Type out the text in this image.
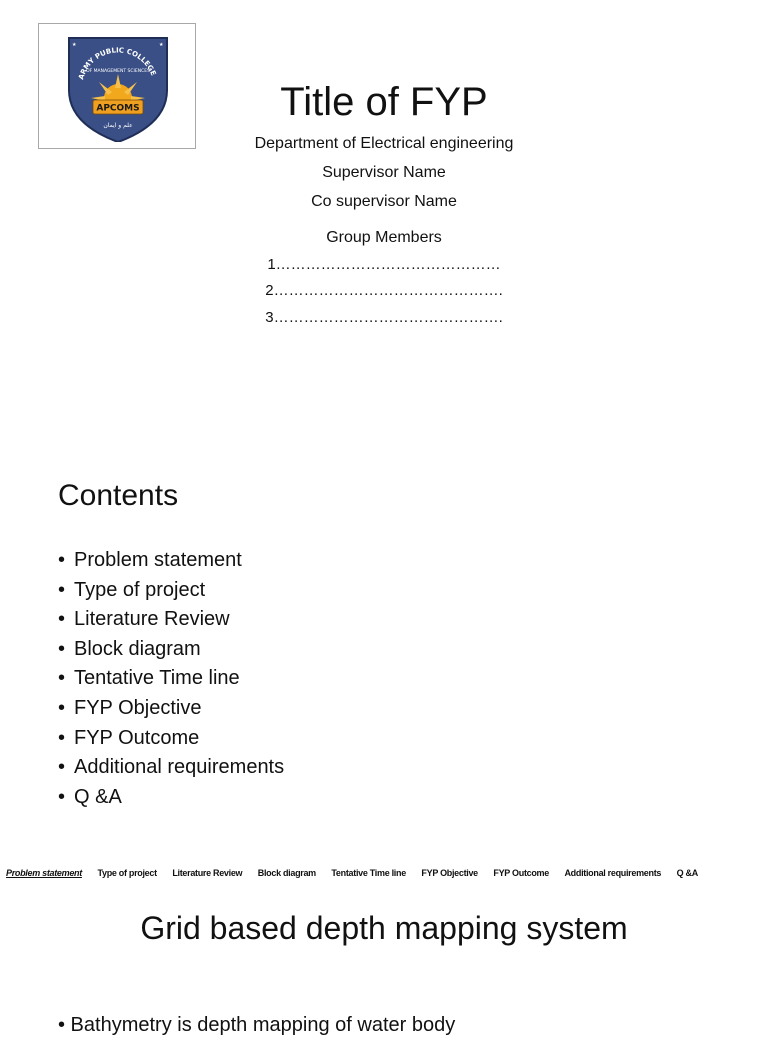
★	★
ARMY PUBLIC COLLEGE
OF MANAGEMENT SCIENCES
APCOMS
علم و ایمان
Title of FYP
Department of Electrical engineering
Supervisor Name
Co supervisor Name
Group Members
1………………………………………
2……………………………………….
3……………………………………….
Contents
• Problem statement
• Type of project
• Literature Review
• Block diagram
• Tentative Time line
• FYP Objective
• FYP Outcome
• Additional requirements
• Q &A
Problem statement Type of project Literature Review Block diagram Tentative Time line FYP Objective FYP Outcome Additional requirements Q &A
Grid based depth mapping system
• Bathymetry is depth mapping of water body
